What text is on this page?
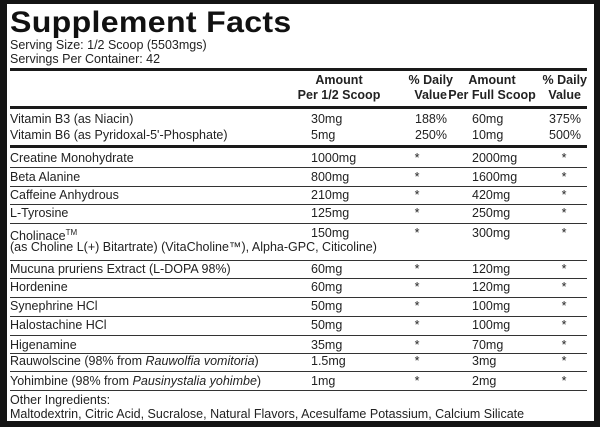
Supplement Facts
Serving Size: 1/2 Scoop (5503mgs)
Servings Per Container: 42
Amount
Per 1/2 Scoop
% Daily
Value
Amount
Per Full Scoop
% Daily
Value
Vitamin B3 (as Niacin)	30mg	188% 60mg	375%
Vitamin B6 (as Pyridoxal-5'-Phosphate)	5mg	250% 10mg	500%
Creatine Monohydrate	1000mg	*	2000mg	*
Beta Alanine	800mg	*	1600mg	*
Caffeine Anhydrous	210mg	*	420mg	*
L-Tyrosine	125mg	*	250mg	*
Cholinace™
(as Choline L(+) Bitartrate) (VitaCholine™), Alpha-GPC, Citicoline)
150mg	*	300mg	*
Mucuna pruriens Extract (L-DOPA 98%)	60mg	*	120mg	*
Hordenine	60mg	*	120mg	*
Synephrine HCl	50mg	*	100mg	*
Halostachine HCl	50mg	*	100mg	*
Higenamine	35mg	*	70mg	*
Rauwolscine (98% from Rauwolfia vomitoria)	1.5mg	*	3mg	*
Yohimbine (98% from Pausinystalia yohimbe)	1mg	*	2mg	*
Other Ingredients:
Maltodextrin, Citric Acid, Sucralose, Natural Flavors, Acesulfame Potassium, Calcium Silicate
